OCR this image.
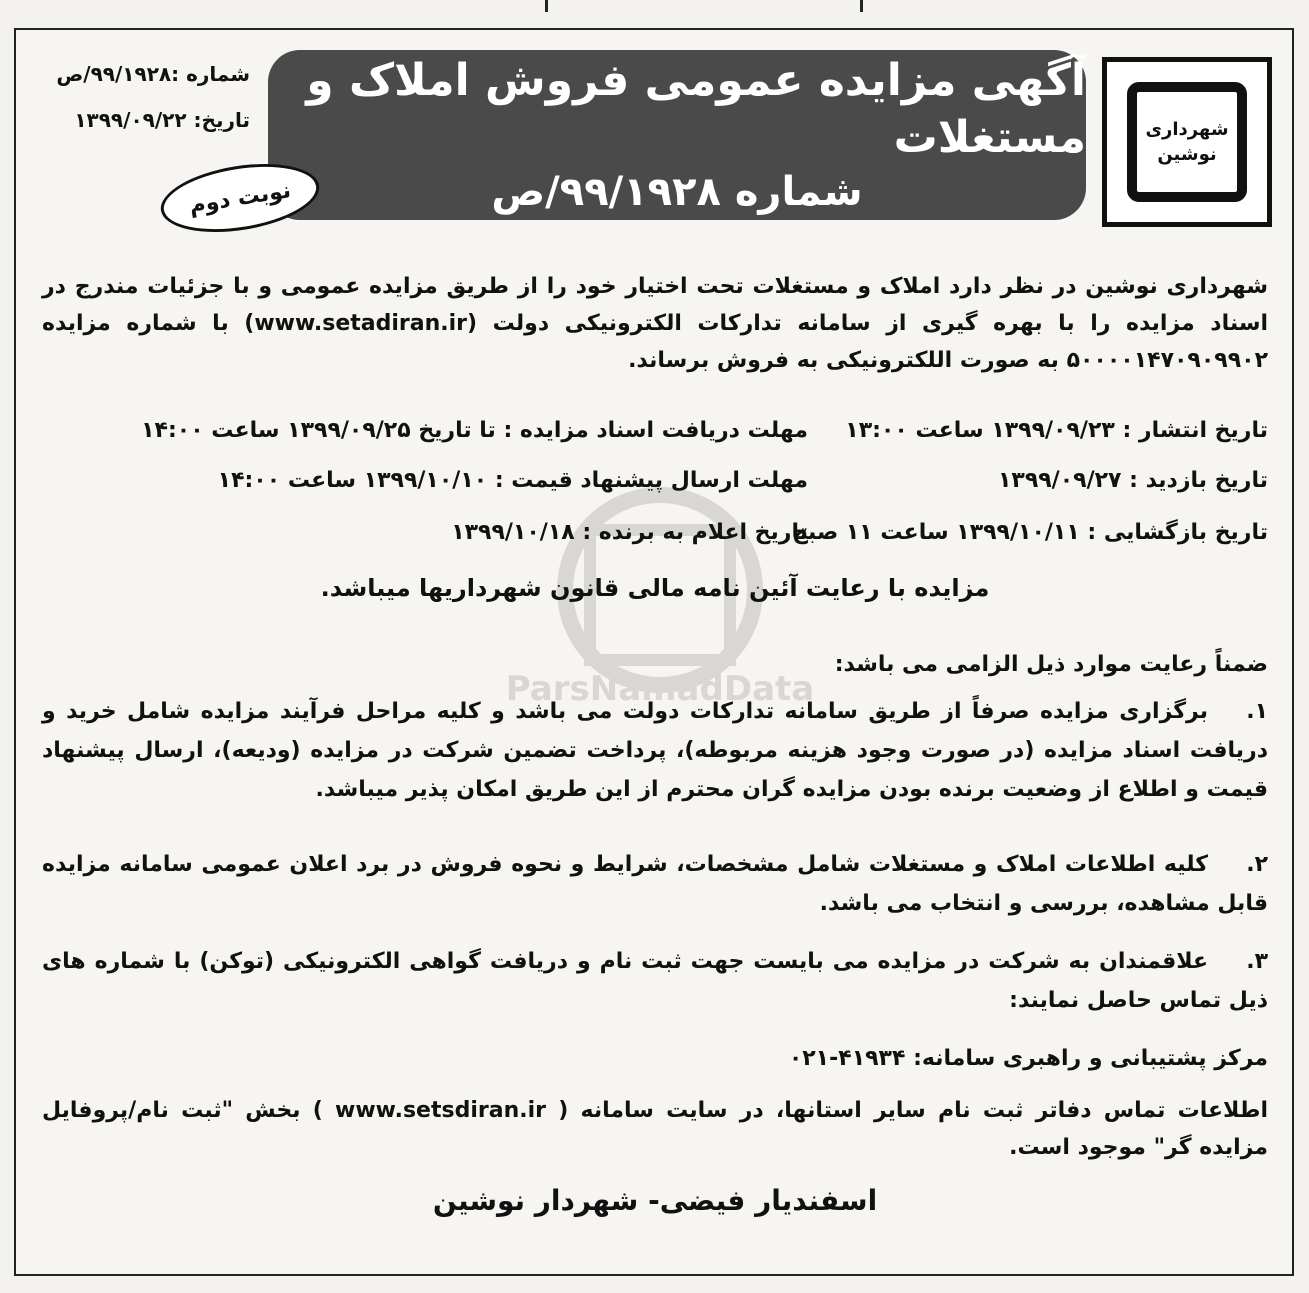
شهرداری
نوشین
آگهی مزایده عمومی فروش املاک و مستغلات
شماره ۹۹/۱۹۲۸/ص
شماره :۹۹/۱۹۲۸/ص
تاریخ: ۱۳۹۹/۰۹/۲۲
نوبت دوم
شهرداری نوشین در نظر دارد املاک و مستغلات تحت اختیار خود را از طریق مزایده عمومی و با جزئیات مندرج در اسناد مزایده را با بهره گیری از سامانه تدارکات الکترونیکی دولت (www.setadiran.ir) با شماره مزایده ۵۰۰۰۰۱۴۷۰۹۰۹۹۰۲ به صورت اللکترونیکی به فروش برساند.
تاریخ انتشار : ۱۳۹۹/۰۹/۲۳ ساعت ۱۳:۰۰
مهلت دریافت اسناد مزایده : تا تاریخ ۱۳۹۹/۰۹/۲۵ ساعت ۱۴:۰۰
تاریخ بازدید : ۱۳۹۹/۰۹/۲۷
مهلت ارسال پیشنهاد قیمت : ۱۳۹۹/۱۰/۱۰ ساعت ۱۴:۰۰
تاریخ بازگشایی : ۱۳۹۹/۱۰/۱۱ ساعت ۱۱ صبح
تاریخ اعلام به برنده : ۱۳۹۹/۱۰/۱۸
مزایده با رعایت آئین نامه مالی قانون شهرداریها میباشد.
ضمناً رعایت موارد ذیل الزامی می باشد:
۱.برگزاری مزایده صرفاً از طریق سامانه تدارکات دولت می باشد و کلیه مراحل فرآیند مزایده شامل خرید و دریافت اسناد مزایده (در صورت وجود هزینه مربوطه)، پرداخت تضمین شرکت در مزایده (ودیعه)، ارسال پیشنهاد قیمت و اطلاع از وضعیت برنده بودن مزایده گران محترم از این طریق امکان پذیر میباشد.
۲.کلیه اطلاعات املاک و مستغلات شامل مشخصات، شرایط و نحوه فروش در برد اعلان عمومی سامانه مزایده قابل مشاهده، بررسی و انتخاب می باشد.
۳.علاقمندان به شرکت در مزایده می بایست جهت ثبت نام و دریافت گواهی الکترونیکی (توکن) با شماره های ذیل تماس حاصل نمایند:
مرکز پشتیبانی و راهبری سامانه: ۴۱۹۳۴-۰۲۱
اطلاعات تماس دفاتر ثبت نام سایر استانها، در سایت سامانه ( www.setsdiran.ir ) بخش "ثبت نام/پروفایل مزایده گر" موجود است.
اسفندیار فیضی- شهردار نوشین
